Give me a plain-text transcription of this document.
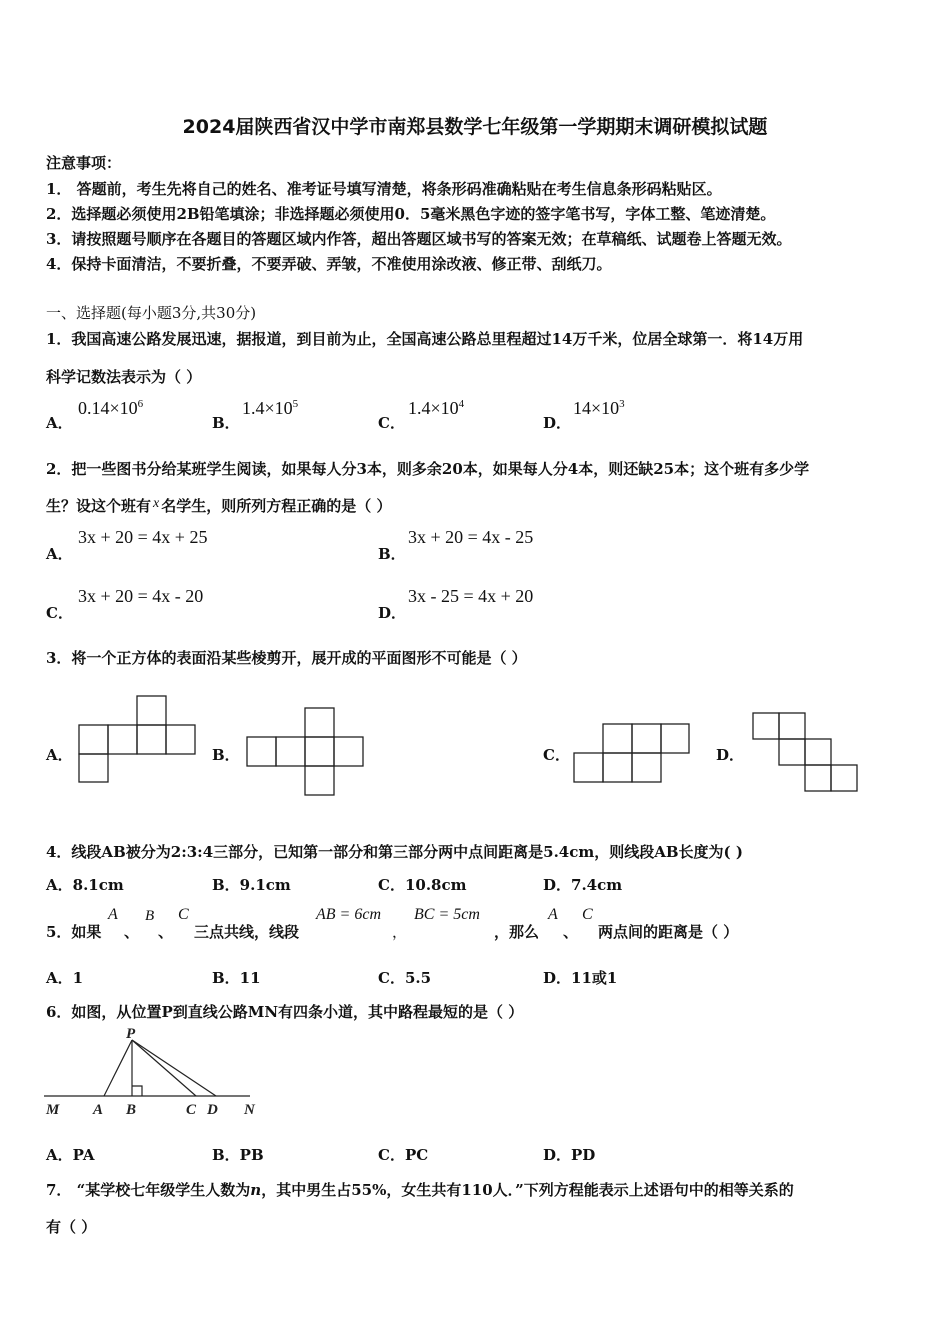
2024届陕西省汉中学市南郑县数学七年级第一学期期末调研模拟试题
注意事项：
1． 答题前，考生先将自己的姓名、准考证号填写清楚，将条形码准确粘贴在考生信息条形码粘贴区。
2．选择题必须使用2B铅笔填涂；非选择题必须使用0．5毫米黑色字迹的签字笔书写，字体工整、笔迹清楚。
3．请按照题号顺序在各题目的答题区域内作答，超出答题区域书写的答案无效；在草稿纸、试题卷上答题无效。
4．保持卡面清洁，不要折叠，不要弄破、弄皱，不准使用涂改液、修正带、刮纸刀。
一、选择题(每小题3分,共30分)
1．我国高速公路发展迅速，据报道，到目前为止，全国高速公路总里程超过14万千米，位居全球第一．将14万用
科学记数法表示为（ ）
A．
$0.14\times 10^6$
B．
$1.4\times 10^5$
C．
$1.4\times 10^4$
D．
$14\times 10^3$
2．把一些图书分给某班学生阅读，如果每人分3本，则多余20本，如果每人分4本，则还缺25本；这个班有多少学
生？设这个班有 x 名学生，则所列方程正确的是（ ）
A．
3x + 20 = 4x + 25
B．
3x + 20 = 4x - 25
C．
3x + 20 = 4x - 20
D．
3x - 25 = 4x + 20
3．将一个正方体的表面沿某些棱剪开，展开成的平面图形不可能是（ ）
A．	B．	C．	D．
4．线段AB被分为2:3:4三部分，已知第一部分和第三部分两中点间距离是5.4cm，则线段AB长度为( )
A．8.1cm	B．9.1cm	C．10.8cm	D．7.4cm
5．如果
A
、
B
、
C
三点共线，线段
AB = 6cm
，
BC = 5cm
，那么
A
、
C
两点间的距离是（ ）
A．1	B．11	C．5.5	D．11或1
6．如图，从位置P到直线公路MN有四条小道，其中路程最短的是（ ）
P
M A B	C D N
A．PA	B．PB	C．PC	D．PD
7． “某学校七年级学生人数为n，其中男生占55%，女生共有110人．”下列方程能表示上述语句中的相等关系的
有（ ）
